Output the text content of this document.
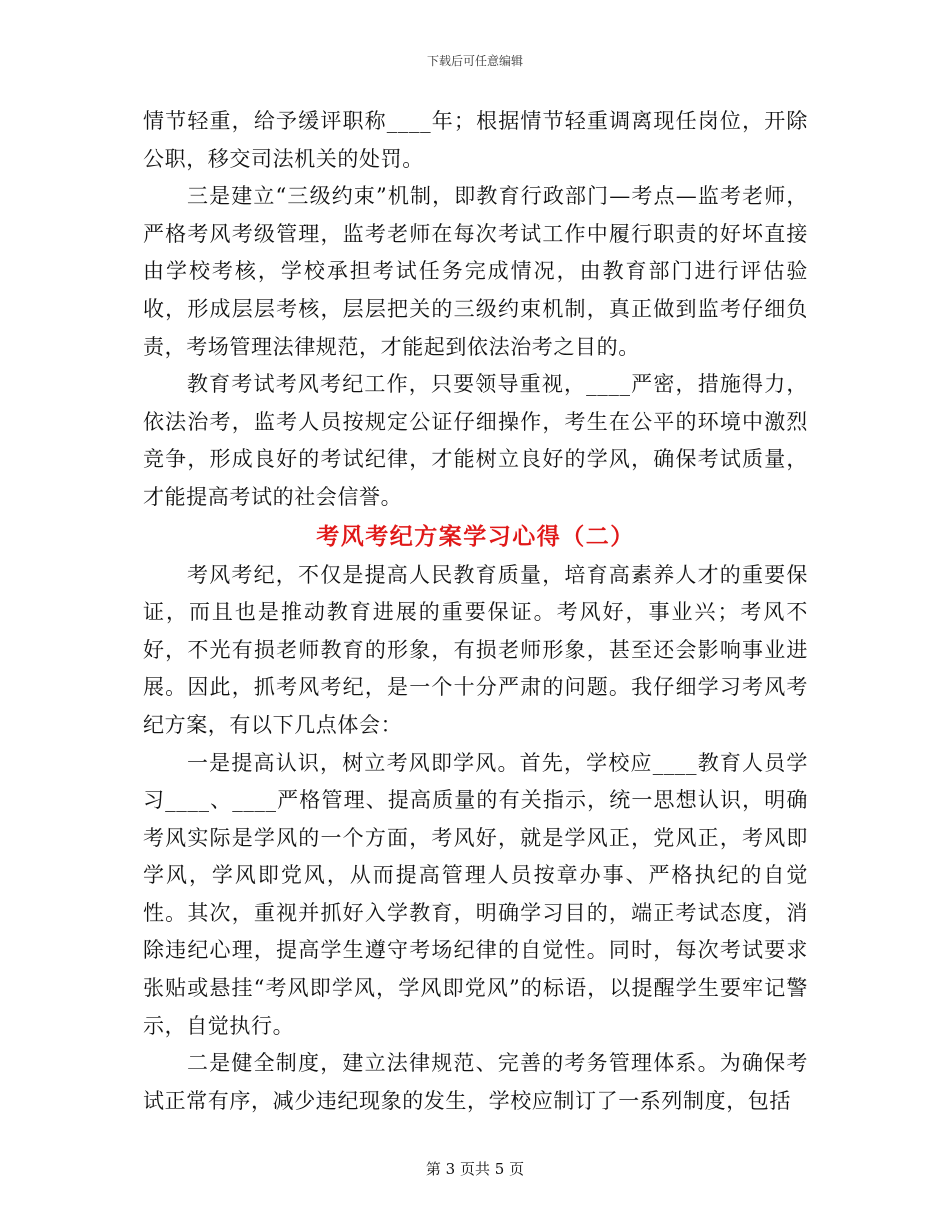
下载后可任意编辑

情节轻重，给予缓评职称____年；根据情节轻重调离现任岗位，开除公职，移交司法机关的处罚。

三是建立“三级约束”机制，即教育行政部门—考点—监考老师，严格考风考级管理，监考老师在每次考试工作中履行职责的好坏直接由学校考核，学校承担考试任务完成情况，由教育部门进行评估验收，形成层层考核，层层把关的三级约束机制，真正做到监考仔细负责，考场管理法律规范，才能起到依法治考之目的。

教育考试考风考纪工作，只要领导重视，____严密，措施得力，依法治考，监考人员按规定公证仔细操作，考生在公平的环境中激烈竞争，形成良好的考试纪律，才能树立良好的学风，确保考试质量，才能提高考试的社会信誉。

考风考纪方案学习心得（二）

考风考纪，不仅是提高人民教育质量，培育高素养人才的重要保证，而且也是推动教育进展的重要保证。考风好，事业兴；考风不好，不光有损老师教育的形象，有损老师形象，甚至还会影响事业进展。因此，抓考风考纪，是一个十分严肃的问题。我仔细学习考风考纪方案，有以下几点体会：

一是提高认识，树立考风即学风。首先，学校应____教育人员学习____、____严格管理、提高质量的有关指示，统一思想认识，明确考风实际是学风的一个方面，考风好，就是学风正，党风正，考风即学风，学风即党风，从而提高管理人员按章办事、严格执纪的自觉性。其次，重视并抓好入学教育，明确学习目的，端正考试态度，消除违纪心理，提高学生遵守考场纪律的自觉性。同时，每次考试要求张贴或悬挂“考风即学风，学风即党风”的标语，以提醒学生要牢记警示，自觉执行。

二是健全制度，建立法律规范、完善的考务管理体系。为确保考试正常有序，减少违纪现象的发生，学校应制订了一系列制度，包括

第 3 页共 5 页
